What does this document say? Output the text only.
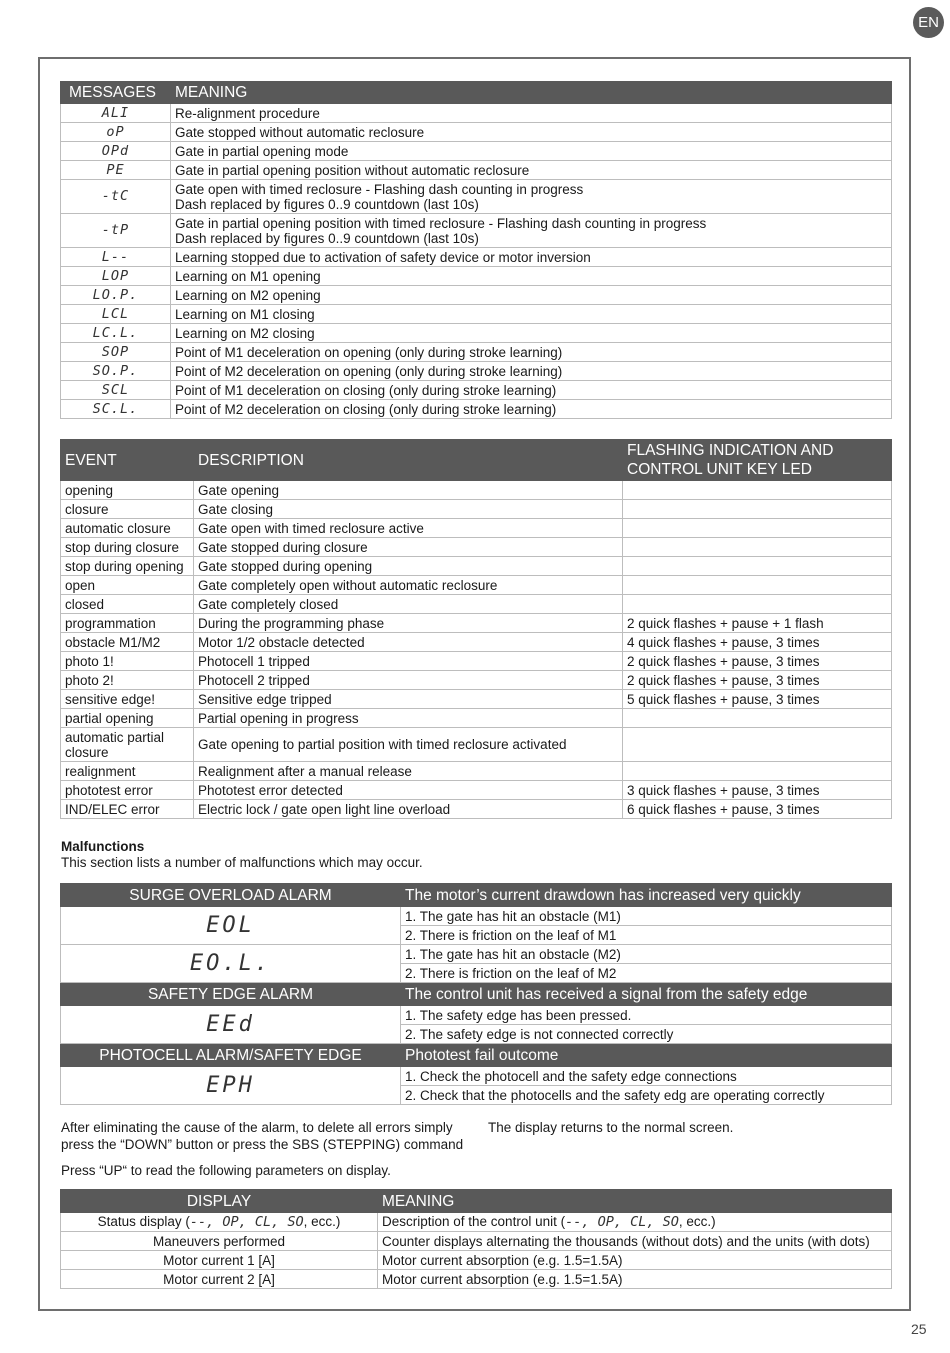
EN
MESSAGES	MEANING
ALI	Re-alignment procedure

oP	Gate stopped without automatic reclosure

OPd	Gate in partial opening mode

PE	Gate in partial opening position without automatic reclosure

-tC	Gate open with timed reclosure - Flashing dash counting in progress
Dash replaced by figures 0..9 countdown (last 10s)

-tP	Gate in partial opening position with timed reclosure - Flashing dash counting in progress
Dash replaced by figures 0..9 countdown (last 10s)

L--	Learning stopped due to activation of safety device or motor inversion

LOP	Learning on M1 opening

LO.P.	Learning on M2 opening

LCL	Learning on M1 closing

LC.L.	Learning on M2 closing

SOP	Point of M1 deceleration on opening (only during stroke learning)

SO.P.	Point of M2 deceleration on opening (only during stroke learning)

SCL	Point of M1 deceleration on closing (only during stroke learning)

SC.L.	Point of M2 deceleration on closing (only during stroke learning)
EVENT	DESCRIPTION	FLASHING INDICATION AND
CONTROL UNIT KEY LED

opening	Gate opening	

closure	Gate closing	

automatic closure	Gate open with timed reclosure active	

stop during closure	Gate stopped during closure	

stop during opening	Gate stopped during opening	

open	Gate completely open without automatic reclosure	

closed	Gate completely closed	

programmation	During the programming phase	2 quick flashes + pause + 1 flash

obstacle M1/M2	Motor 1/2 obstacle detected	4 quick flashes + pause, 3 times

photo 1!	Photocell 1 tripped	2 quick flashes + pause, 3 times

photo 2!	Photocell 2 tripped	2 quick flashes + pause, 3 times

sensitive edge!	Sensitive edge tripped	5 quick flashes + pause, 3 times

partial opening	Partial opening in progress	

automatic partial
closure	Gate opening to partial position with timed reclosure activated	

realignment	Realignment after a manual release	

phototest error	Phototest error detected	3 quick flashes + pause, 3 times

IND/ELEC error	Electric lock / gate open light line overload	6 quick flashes + pause, 3 times
Malfunctions
This section lists a number of malfunctions which may occur.
SURGE OVERLOAD ALARM	The motor’s current drawdown has increased very quickly
EOL	1. The gate has hit an obstacle (M1)
	2. There is friction on the leaf of M1
EO.L.	1. The gate has hit an obstacle (M2)
	2. There is friction on the leaf of M2
SAFETY EDGE ALARM	The control unit has received a signal from the safety edge
EEd	1. The safety edge has been pressed.
	2. The safety edge is not connected correctly
PHOTOCELL ALARM/SAFETY EDGE	Phototest fail outcome
EPH	1. Check the photocell and the safety edge connections
	2. Check that the photocells and the safety edg are operating correctly
After eliminating the cause of the alarm, to delete all errors simply
press the “DOWN” button or press the SBS (STEPPING) command
The display returns to the normal screen.
Press “UP“ to read the following parameters on display.
DISPLAY	MEANING
Status display (--, OP, CL, SO, ecc.)	Description of the control unit (--, OP, CL, SO, ecc.)
Maneuvers performed	Counter displays alternating the thousands (without dots) and the units (with dots)
Motor current 1 [A]	Motor current absorption (e.g. 1.5=1.5A)
Motor current 2 [A]	Motor current absorption (e.g. 1.5=1.5A)
25
